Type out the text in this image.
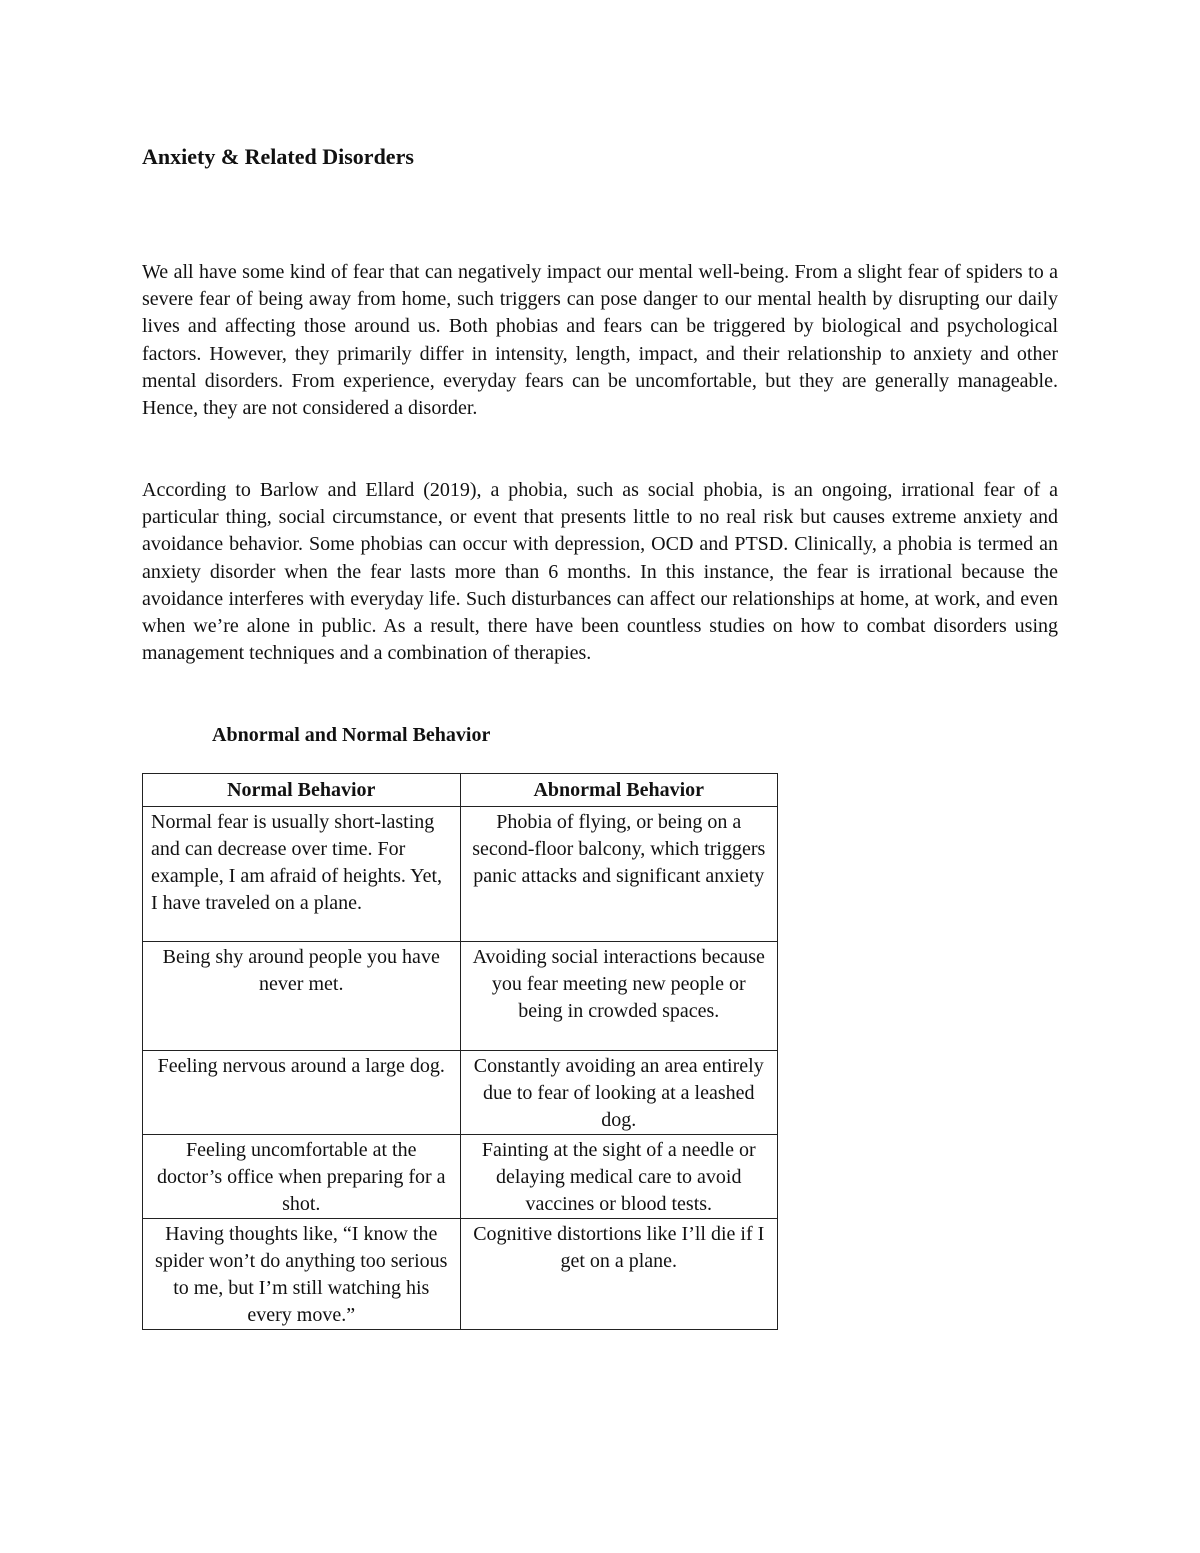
Anxiety & Related Disorders

We all have some kind of fear that can negatively impact our mental well-being. From a slight fear of spiders to a severe fear of being away from home, such triggers can pose danger to our mental health by disrupting our daily lives and affecting those around us. Both phobias and fears can be triggered by biological and psychological factors. However, they primarily differ in intensity, length, impact, and their relationship to anxiety and other mental disorders. From experience, everyday fears can be uncomfortable, but they are generally manageable. Hence, they are not considered a disorder.

According to Barlow and Ellard (2019), a phobia, such as social phobia, is an ongoing, irrational fear of a particular thing, social circumstance, or event that presents little to no real risk but causes extreme anxiety and avoidance behavior. Some phobias can occur with depression, OCD and PTSD. Clinically, a phobia is termed an anxiety disorder when the fear lasts more than 6 months. In this instance, the fear is irrational because the avoidance interferes with everyday life. Such disturbances can affect our relationships at home, at work, and even when we’re alone in public. As a result, there have been countless studies on how to combat disorders using management techniques and a combination of therapies.

Abnormal and Normal Behavior
Normal Behavior	Abnormal Behavior
Normal fear is usually short-lasting and can decrease over time. For example, I am afraid of heights. Yet, I have traveled on a plane.	Phobia of flying, or being on a second-floor balcony, which triggers panic attacks and significant anxiety
Being shy around people you have never met.	Avoiding social interactions because you fear meeting new people or being in crowded spaces.
Feeling nervous around a large dog.	Constantly avoiding an area entirely due to fear of looking at a leashed dog.
Feeling uncomfortable at the doctor’s office when preparing for a shot.	Fainting at the sight of a needle or delaying medical care to avoid vaccines or blood tests.
Having thoughts like, “I know the spider won’t do anything too serious to me, but I’m still watching his every move.”	Cognitive distortions like I’ll die if I get on a plane.
